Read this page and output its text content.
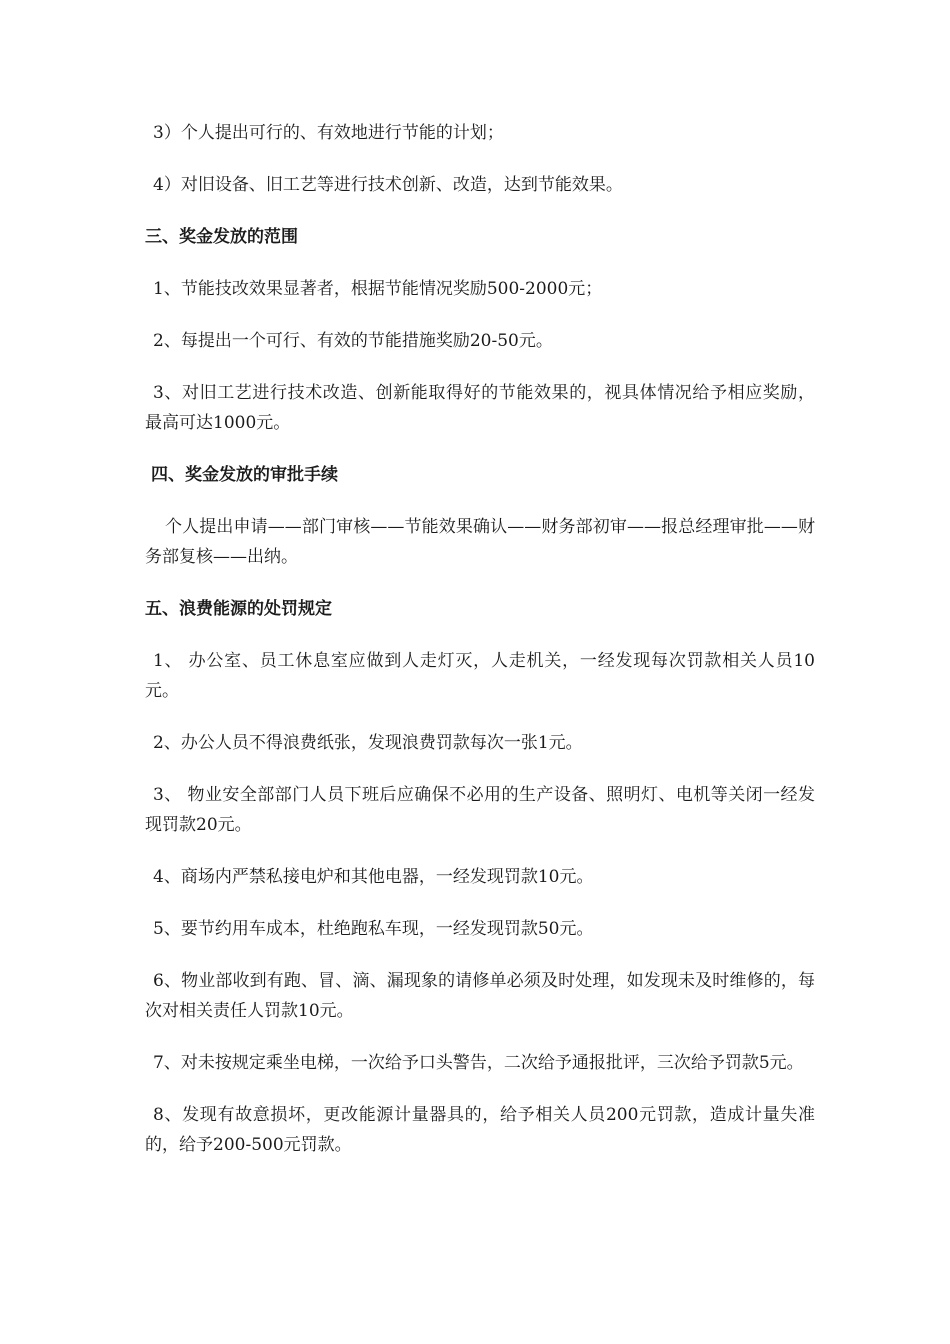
3）个人提出可行的、有效地进行节能的计划；

4）对旧设备、旧工艺等进行技术创新、改造，达到节能效果。

三、奖金发放的范围

1、节能技改效果显著者，根据节能情况奖励500-2000元；

2、每提出一个可行、有效的节能措施奖励20-50元。

3、对旧工艺进行技术改造、创新能取得好的节能效果的，视具体情况给予相应奖励， 最高可达1000元。

四、奖金发放的审批手续

个人提出申请——部门审核——节能效果确认——财务部初审——报总经理审批——财务部复核——出纳。

五、浪费能源的处罚规定

1、 办公室、员工休息室应做到人走灯灭，人走机关，一经发现每次罚款相关人员10元。

2、办公人员不得浪费纸张，发现浪费罚款每次一张1元。

3、 物业安全部部门人员下班后应确保不必用的生产设备、照明灯、电机等关闭一经发现罚款20元。

4、商场内严禁私接电炉和其他电器，一经发现罚款10元。

5、要节约用车成本，杜绝跑私车现，一经发现罚款50元。

6、物业部收到有跑、冒、滴、漏现象的请修单必须及时处理，如发现未及时维修的，每次对相关责任人罚款10元。

7、对未按规定乘坐电梯，一次给予口头警告，二次给予通报批评，三次给予罚款5元。

8、发现有故意损坏，更改能源计量器具的，给予相关人员200元罚款，造成计量失准的，给予200-500元罚款。
